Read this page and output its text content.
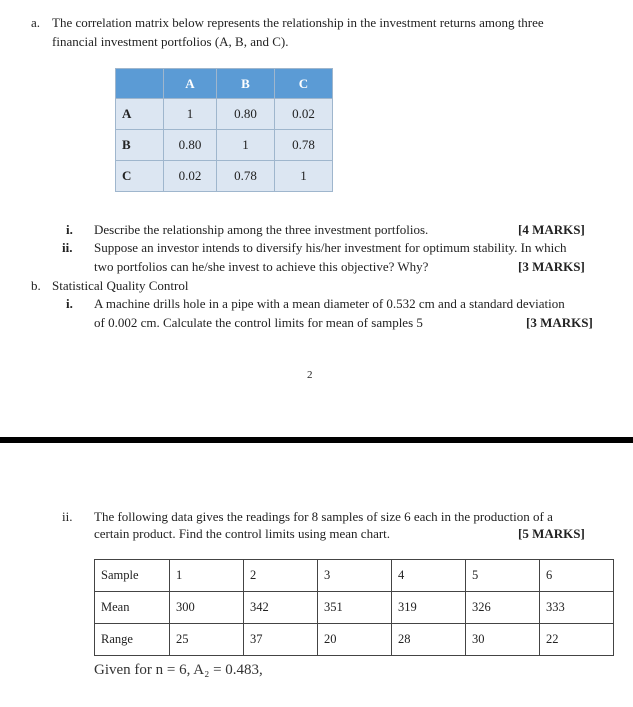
a. The correlation matrix below represents the relationship in the investment returns among three
financial investment portfolios (A, B, and C).
	A	B	C
A	1	0.80	0.02
B	0.80	1	0.78
C	0.02	0.78	1
i. Describe the relationship among the three investment portfolios.	[4 MARKS]
ii. Suppose an investor intends to diversify his/her investment for optimum stability. In which
two portfolios can he/she invest to achieve this objective? Why?	[3 MARKS]
b. Statistical Quality Control
i. A machine drills hole in a pipe with a mean diameter of 0.532 cm and a standard deviation
of 0.002 cm. Calculate the control limits for mean of samples 5	[3 MARKS]
2
ii. The following data gives the readings for 8 samples of size 6 each in the production of a
certain product. Find the control limits using mean chart.	[5 MARKS]
Sample	1	2	3	4	5	6
Mean	300	342	351	319	326	333
Range	25	37	20	28	30	22
Given for n = 6, A₂ = 0.483,
